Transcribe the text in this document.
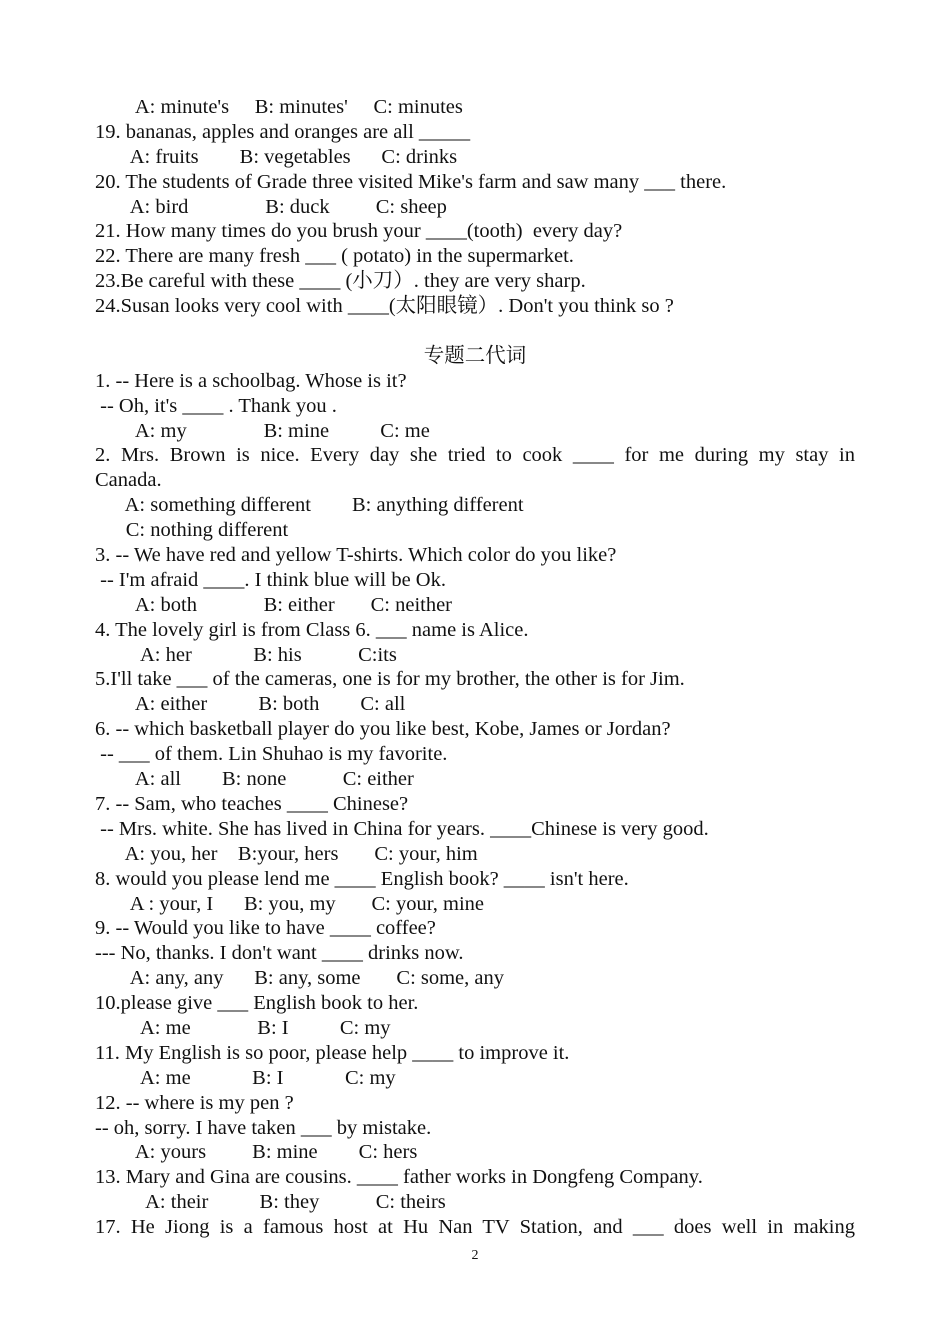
A: minute's     B: minutes'     C: minutes
19. bananas, apples and oranges are all _____
A: fruits        B: vegetables      C: drinks
20. The students of Grade three visited Mike's farm and saw many ___ there.
A: bird               B: duck         C: sheep
21. How many times do you brush your ____(tooth)  every day?
22. There are many fresh ___ ( potato) in the supermarket.
23.Be careful with these ____ (小刀）. they are very sharp.
24.Susan looks very cool with ____(太阳眼镜）. Don't you think so ?
专题二代词
1. -- Here is a schoolbag. Whose is it?
-- Oh, it's ____ . Thank you .
A: my               B: mine          C: me
2. Mrs. Brown is nice. Every day she tried to cook ____ for me during my stay in
Canada.
A: something different        B: anything different
C: nothing different
3. -- We have red and yellow T-shirts. Which color do you like?
-- I'm afraid ____. I think blue will be Ok.
A: both             B: either       C: neither
4. The lovely girl is from Class 6. ___ name is Alice.
A: her            B: his           C:its
5.I'll take ___ of the cameras, one is for my brother, the other is for Jim.
A: either          B: both        C: all
6. -- which basketball player do you like best, Kobe, James or Jordan?
-- ___ of them. Lin Shuhao is my favorite.
A: all        B: none           C: either
7. -- Sam, who teaches ____ Chinese?
-- Mrs. white. She has lived in China for years. ____Chinese is very good.
A: you, her    B:your, hers       C: your, him
8. would you please lend me ____ English book? ____ isn't here.
A : your, I      B: you, my       C: your, mine
9. -- Would you like to have ____ coffee?
--- No, thanks. I don't want ____ drinks now.
A: any, any      B: any, some       C: some, any
10.please give ___ English book to her.
A: me             B: I          C: my
11. My English is so poor, please help ____ to improve it.
A: me            B: I            C: my
12. -- where is my pen ?
-- oh, sorry. I have taken ___ by mistake.
A: yours         B: mine        C: hers
13. Mary and Gina are cousins. ____ father works in Dongfeng Company.
A: their          B: they           C: theirs
17. He Jiong is a famous host at Hu Nan TV Station, and ___ does well in making
2
